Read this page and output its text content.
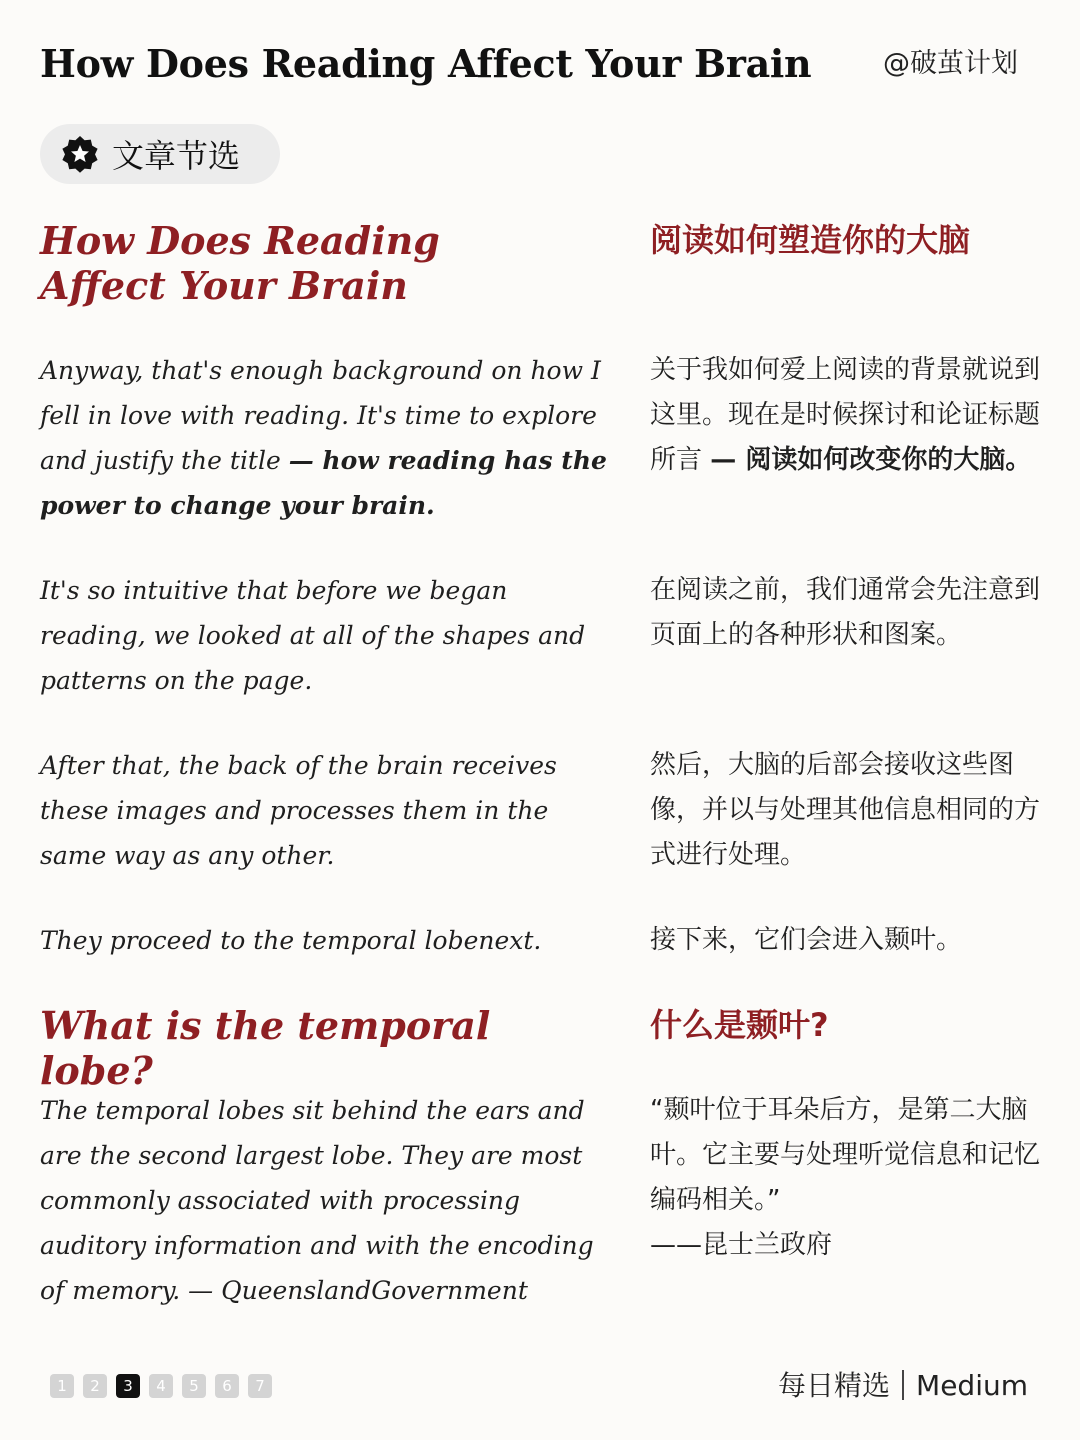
How Does Reading Affect Your Brain	@破茧计划
文章节选
How Does Reading
Affect Your Brain
阅读如何塑造你的大脑

Anyway, that's enough background on how I fell in love with reading. It's time to explore and justify the title — how reading has the power to change your brain.

关于我如何爱上阅读的背景就说到这里。现在是时候探讨和论证标题所言 — 阅读如何改变你的大脑。

It's so intuitive that before we began reading, we looked at all of the shapes and patterns on the page.

在阅读之前，我们通常会先注意到页面上的各种形状和图案。

After that, the back of the brain receives these images and processes them in the same way as any other.

然后，大脑的后部会接收这些图像，并以与处理其他信息相同的方式进行处理。

They proceed to the temporal lobenext.	接下来，它们会进入颞叶。

What is the temporal lobe?
什么是颞叶?

The temporal lobes sit behind the ears and are the second largest lobe. They are most commonly associated with processing auditory information and with the encoding of memory. — QueenslandGovernment

“颞叶位于耳朵后方，是第二大脑叶。它主要与处理听觉信息和记忆编码相关。”
——昆士兰政府
1	2	3	4	5	6	7	每日精选 Medium
